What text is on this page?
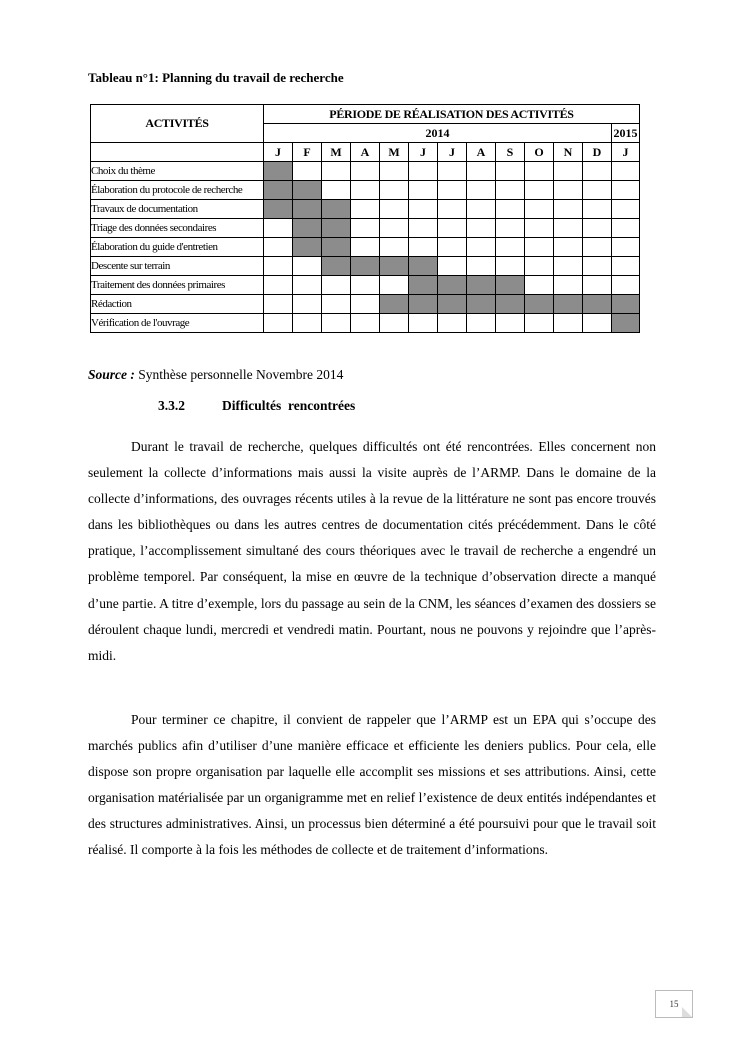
Tableau n°1: Planning du travail de recherche
ACTIVITÉS	PÉRIODE DE RÉALISATION DES ACTIVITÉS												
	2014												2015
	J	F	M	A	M	J	J	A	S	O	N	D	J
Choix du thème													
Élaboration du protocole de recherche													
Travaux de documentation													
Triage des données secondaires													
Élaboration du guide d'entretien													
Descente sur terrain													
Traitement des données primaires													
Rédaction													
Vérification de l'ouvrage													
Source : Synthèse personnelle Novembre 2014
3.3.2	Difficultés  rencontrées

Durant le travail de recherche, quelques difficultés ont été rencontrées. Elles concernent non seulement la collecte d’informations mais aussi la visite auprès de l’ARMP. Dans le domaine de la collecte d’informations, des ouvrages récents utiles à la revue de la littérature ne sont pas encore trouvés dans les bibliothèques ou dans les autres centres de documentation cités précédemment. Dans le côté pratique, l’accomplissement simultané des cours théoriques avec le travail de recherche a engendré un problème temporel. Par conséquent, la mise en œuvre de la technique d’observation directe a manqué d’une partie. A titre d’exemple, lors du passage au sein de la CNM, les séances d’examen des dossiers se déroulent chaque lundi, mercredi et vendredi matin. Pourtant, nous ne pouvons y rejoindre que l’après-midi.

Pour terminer ce chapitre, il convient de rappeler que l’ARMP est un EPA qui s’occupe des marchés publics afin d’utiliser d’une manière efficace et efficiente les deniers publics. Pour cela, elle dispose son propre organisation par laquelle elle accomplit ses missions et ses attributions. Ainsi, cette organisation matérialisée par un organigramme met en relief l’existence de deux entités indépendantes et des structures administratives. Ainsi, un processus bien déterminé a été poursuivi pour que le travail soit réalisé. Il comporte à la fois les méthodes de collecte et de traitement d’informations.

15
